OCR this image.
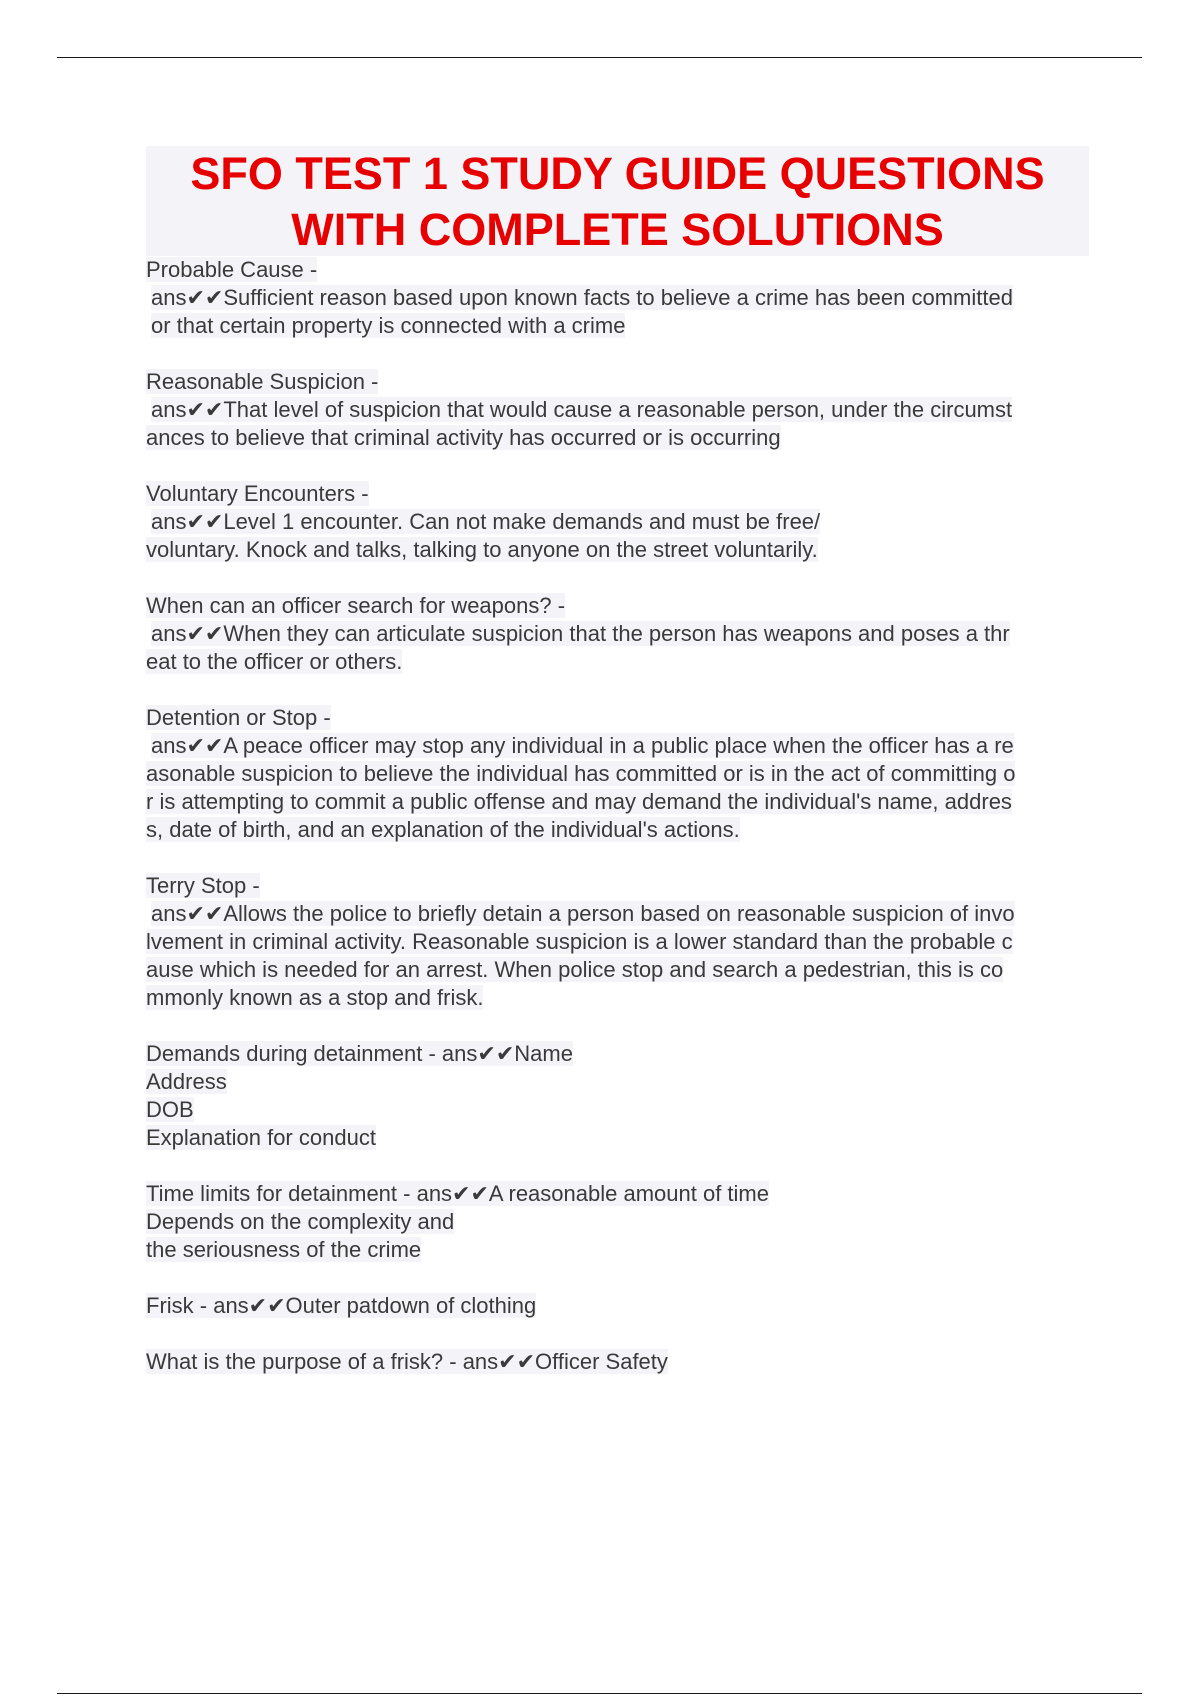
SFO TEST 1 STUDY GUIDE QUESTIONS
WITH COMPLETE SOLUTIONS
Probable Cause -
ans✔✔Sufficient reason based upon known facts to believe a crime has been committed
or that certain property is connected with a crime
Reasonable Suspicion -
ans✔✔That level of suspicion that would cause a reasonable person, under the circumst
ances to believe that criminal activity has occurred or is occurring
Voluntary Encounters -
ans✔✔Level 1 encounter. Can not make demands and must be free/
voluntary. Knock and talks, talking to anyone on the street voluntarily.
When can an officer search for weapons? -
ans✔✔When they can articulate suspicion that the person has weapons and poses a thr
eat to the officer or others.
Detention or Stop -
ans✔✔A peace officer may stop any individual in a public place when the officer has a re
asonable suspicion to believe the individual has committed or is in the act of committing o
r is attempting to commit a public offense and may demand the individual's name, addres
s, date of birth, and an explanation of the individual's actions.
Terry Stop -
ans✔✔Allows the police to briefly detain a person based on reasonable suspicion of invo
lvement in criminal activity. Reasonable suspicion is a lower standard than the probable c
ause which is needed for an arrest. When police stop and search a pedestrian, this is co
mmonly known as a stop and frisk.
Demands during detainment - ans✔✔Name
Address
DOB
Explanation for conduct
Time limits for detainment - ans✔✔A reasonable amount of time
Depends on the complexity and
the seriousness of the crime
Frisk - ans✔✔Outer patdown of clothing
What is the purpose of a frisk? - ans✔✔Officer Safety
